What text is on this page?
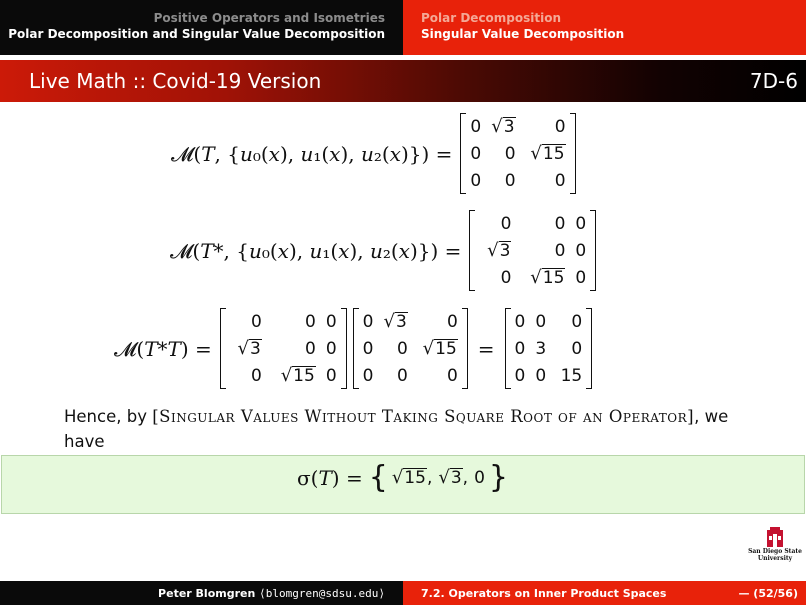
Positive Operators and Isometries
Polar Decomposition and Singular Value Decomposition
Polar Decomposition
Singular Value Decomposition
Live Math :: Covid-19 Version	7D-6
𝓜(𝑇, {𝑢₀(𝑥), 𝑢₁(𝑥), 𝑢₂(𝑥)}) =
0	√3	0
0	0	√15
0	0	0
𝓜(𝑇*, {𝑢₀(𝑥), 𝑢₁(𝑥), 𝑢₂(𝑥)}) =
0	0	0
√3	0	0
0	√15	0
𝓜(𝑇*𝑇) =
0	0	0
√3	0	0
0	√15	0
0	√3	0
0	0	√15
0	0	0
=
0	0	0
0	3	0
0	0	15
Hence, by [Singular Values Without Taking Square Root of an Operator], we have
σ(𝑇) = { √15, √3, 0 }
San Diego State
University
Peter Blomgren ⟨blomgren@sdsu.edu⟩	7.2. Operators on Inner Product Spaces	— (52/56)
